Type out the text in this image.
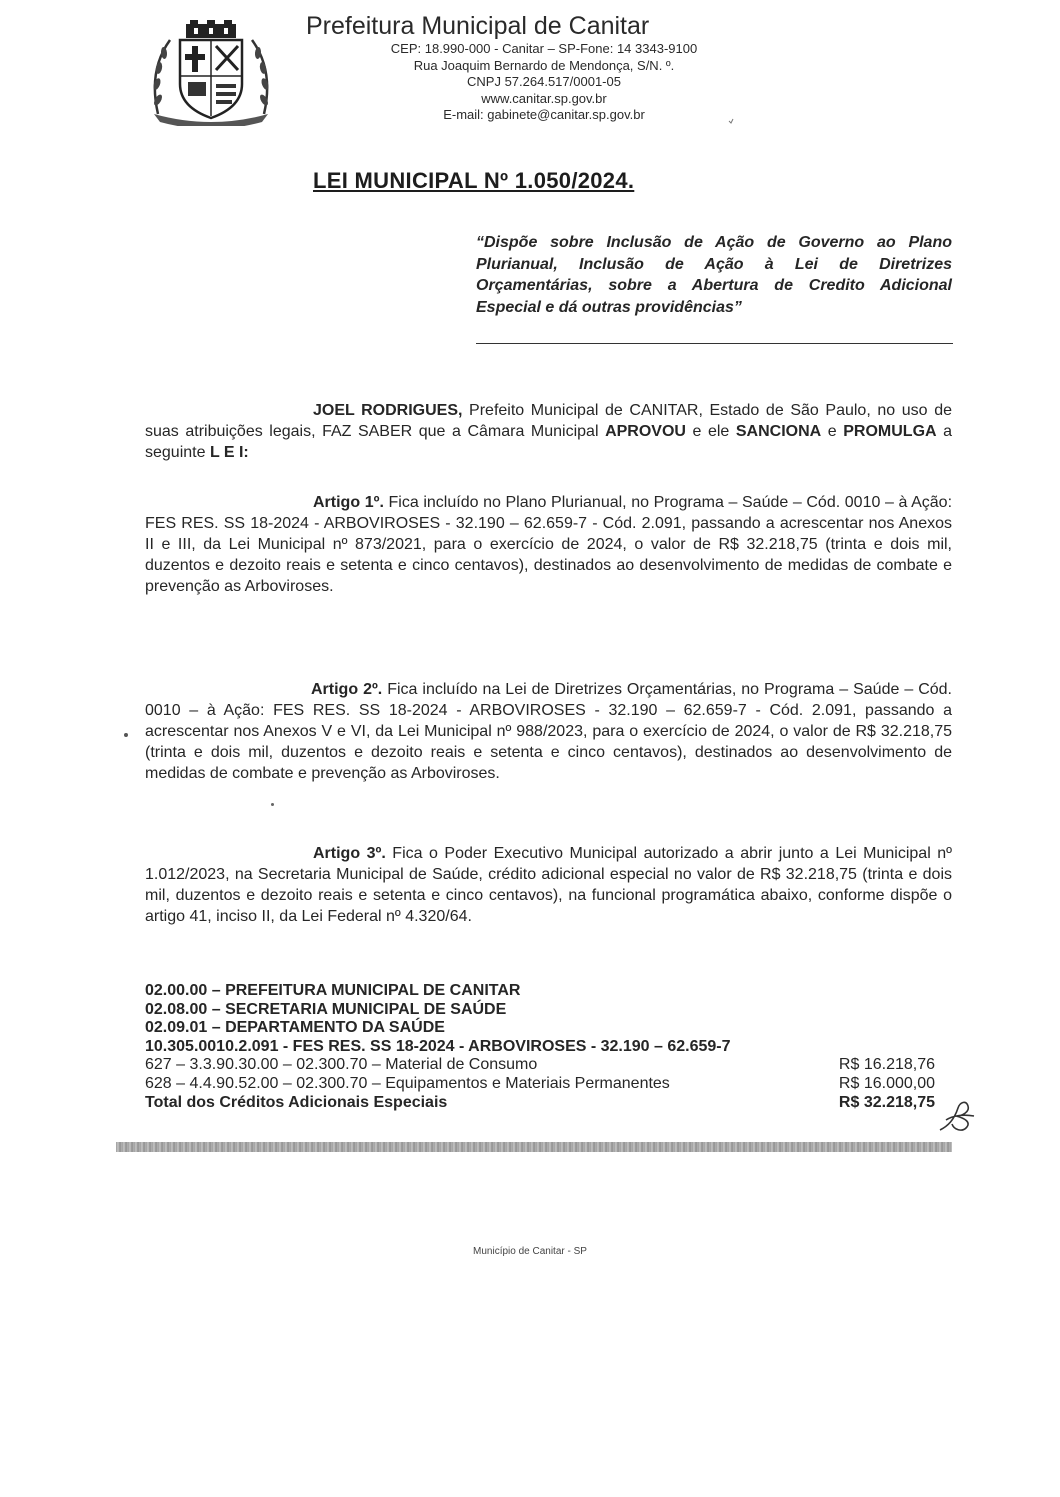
Prefeitura Municipal de Canitar
CEP: 18.990-000 - Canitar – SP-Fone: 14 3343-9100
Rua Joaquim Bernardo de Mendonça, S/N. º.
CNPJ 57.264.517/0001-05
www.canitar.sp.gov.br
E-mail: gabinete@canitar.sp.gov.br
LEI MUNICIPAL Nº 1.050/2024.
“Dispõe sobre Inclusão de Ação de Governo ao Plano Plurianual, Inclusão de Ação à Lei de Diretrizes Orçamentárias, sobre a Abertura de Credito Adicional Especial e dá outras providências”
JOEL RODRIGUES, Prefeito Municipal de CANITAR, Estado de São Paulo, no uso de suas atribuições legais, FAZ SABER que a Câmara Municipal APROVOU e ele SANCIONA e PROMULGA a seguinte L E I:
Artigo 1º. Fica incluído no Plano Plurianual, no Programa – Saúde – Cód. 0010 – à Ação: FES RES. SS 18-2024 - ARBOVIROSES - 32.190 – 62.659-7 - Cód. 2.091, passando a acrescentar nos Anexos II e III, da Lei Municipal nº 873/2021, para o exercício de 2024, o valor de R$ 32.218,75 (trinta e dois mil, duzentos e dezoito reais e setenta e cinco centavos), destinados ao desenvolvimento de medidas de combate e prevenção as Arboviroses.
Artigo 2º. Fica incluído na Lei de Diretrizes Orçamentárias, no Programa – Saúde – Cód. 0010 – à Ação: FES RES. SS 18-2024 - ARBOVIROSES - 32.190 – 62.659-7 - Cód. 2.091, passando a acrescentar nos Anexos V e VI, da Lei Municipal nº 988/2023, para o exercício de 2024, o valor de R$ 32.218,75 (trinta e dois mil, duzentos e dezoito reais e setenta e cinco centavos), destinados ao desenvolvimento de medidas de combate e prevenção as Arboviroses.
Artigo 3º. Fica o Poder Executivo Municipal autorizado a abrir junto a Lei Municipal nº 1.012/2023, na Secretaria Municipal de Saúde, crédito adicional especial no valor de R$ 32.218,75 (trinta e dois mil, duzentos e dezoito reais e setenta e cinco centavos), na funcional programática abaixo, conforme dispõe o artigo 41, inciso II, da Lei Federal nº 4.320/64.
02.00.00 – PREFEITURA MUNICIPAL DE CANITAR
02.08.00 – SECRETARIA MUNICIPAL DE SAÚDE
02.09.01 – DEPARTAMENTO DA SAÚDE
10.305.0010.2.091 - FES RES. SS 18-2024 - ARBOVIROSES - 32.190 – 62.659-7
627 – 3.3.90.30.00 – 02.300.70 – Material de Consumo	R$ 16.218,76
628 – 4.4.90.52.00 – 02.300.70 – Equipamentos e Materiais Permanentes	R$ 16.000,00
Total dos Créditos Adicionais Especiais	R$ 32.218,75
Município de Canitar - SP
